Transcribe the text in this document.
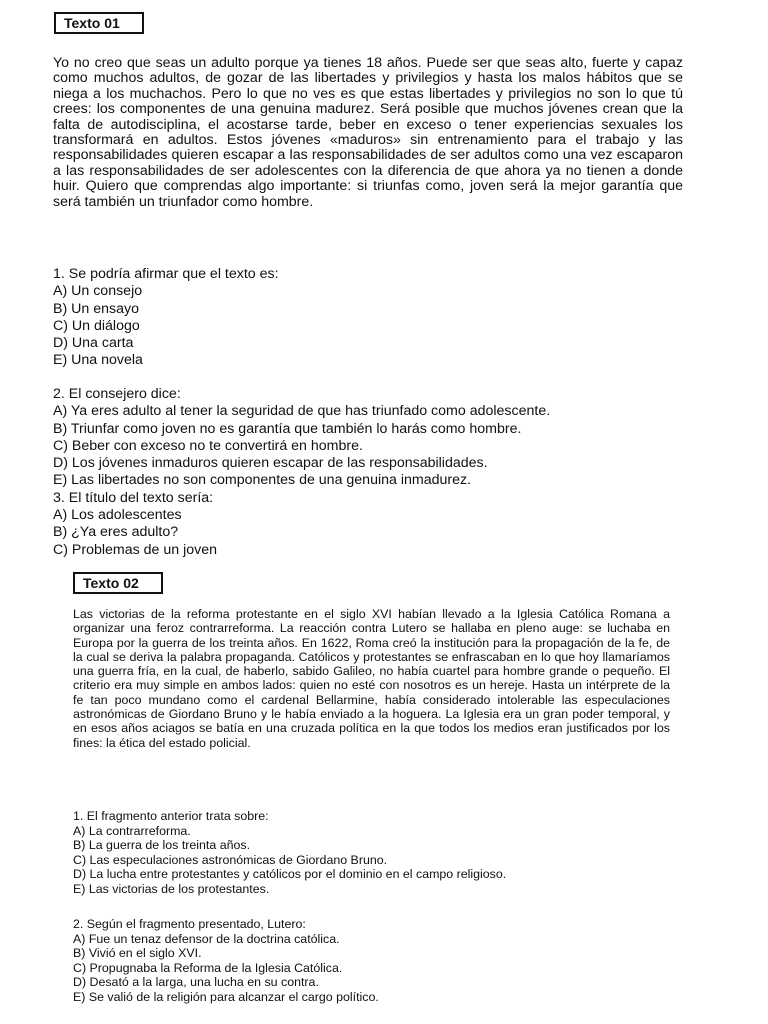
Texto 01

Yo no creo que seas un adulto porque ya tienes 18 años. Puede ser que seas alto, fuerte y capaz como muchos adultos, de gozar de las libertades y privilegios y hasta los malos hábitos que se niega a los muchachos. Pero lo que no ves es que estas libertades y privilegios no son lo que tú crees: los componentes de una genuina madurez. Será posible que muchos jóvenes crean que la falta de autodisciplina, el acostarse tarde, beber en exceso o tener experiencias sexuales los transformará en adultos. Estos jóvenes «maduros» sin entrenamiento para el trabajo y las responsabilidades quieren escapar a las responsabilidades de ser adultos como una vez escaparon a las responsabilidades de ser adolescentes con la diferencia de que ahora ya no tienen a donde huir. Quiero que comprendas algo importante: si triunfas como, joven será la mejor garantía que será también un triunfador como hombre.

1. Se podría afirmar que el texto es:

A) Un consejo

B) Un ensayo

C) Un diálogo

D) Una carta

E) Una novela

2. El consejero dice:

A) Ya eres adulto al tener la seguridad de que has triunfado como adolescente.

B) Triunfar como joven no es garantía que también lo harás como hombre.

C) Beber con exceso no te convertirá en hombre.

D) Los jóvenes inmaduros quieren escapar de las responsabilidades.

E) Las libertades no son componentes de una genuina inmadurez.

3. El título del texto sería:

A) Los adolescentes

B) ¿Ya eres adulto?

C) Problemas de un joven

Texto 02

Las victorias de la reforma protestante en el siglo XVI habían llevado a la Iglesia Católica Romana a organizar una feroz contrarreforma. La reacción contra Lutero se hallaba en pleno auge: se luchaba en Europa por la guerra de los treinta años. En 1622, Roma creó la institución para la propagación de la fe, de la cual se deriva la palabra propaganda. Católicos y protestantes se enfrascaban en lo que hoy llamaríamos una guerra fría, en la cual, de haberlo, sabido Galileo, no había cuartel para hombre grande o pequeño. El criterio era muy simple en ambos lados: quien no esté con nosotros es un hereje. Hasta un intérprete de la fe tan poco mundano como el cardenal Bellarmine, había considerado intolerable las especulaciones astronómicas de Giordano Bruno y le había enviado a la hoguera. La Iglesia era un gran poder temporal, y en esos años aciagos se batía en una cruzada política en la que todos los medios eran justificados por los fines: la ética del estado policial.

1. El fragmento anterior trata sobre:

A) La contrarreforma.

B) La guerra de los treinta años.

C) Las especulaciones astronómicas de Giordano Bruno.

D) La lucha entre protestantes y católicos por el dominio en el campo religioso.

E) Las victorias de los protestantes.

2. Según el fragmento presentado, Lutero:

A) Fue un tenaz defensor de la doctrina católica.

B) Vivió en el siglo XVI.

C) Propugnaba la Reforma de la Iglesia Católica.

D) Desató a la larga, una lucha en su contra.

E) Se valió de la religión para alcanzar el cargo político.
